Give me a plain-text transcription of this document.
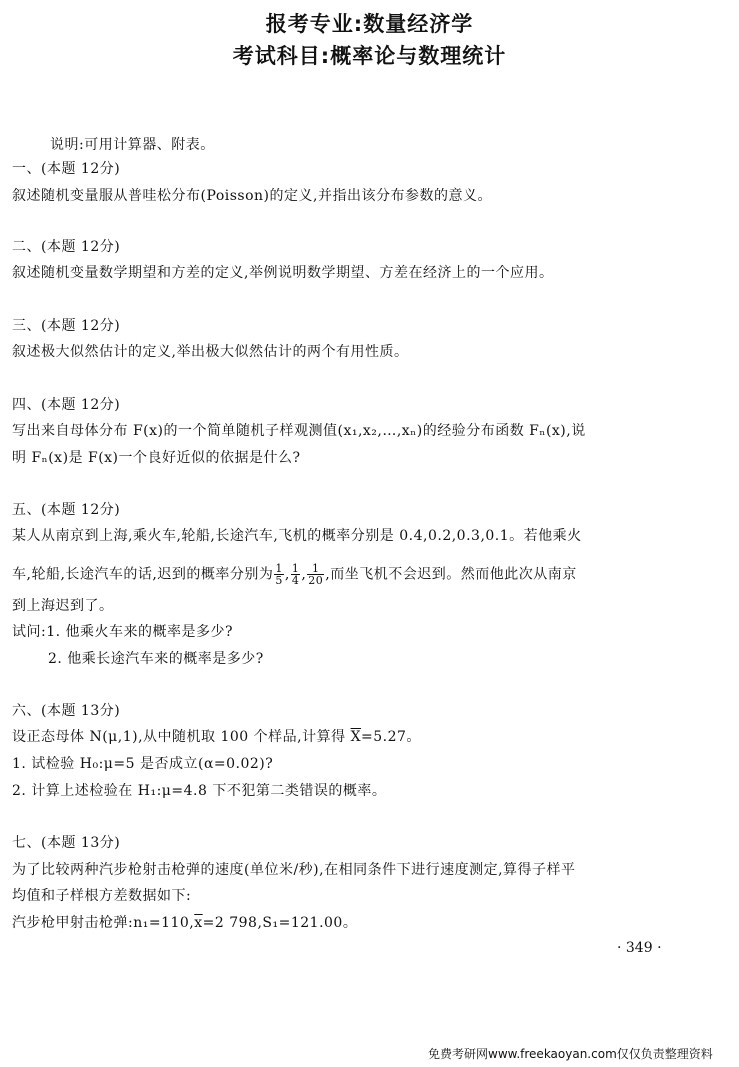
报考专业:数量经济学
考试科目:概率论与数理统计
说明:可用计算器、附表。
一、(本题 12分)
叙述随机变量服从普哇松分布(Poisson)的定义,并指出该分布参数的意义。
二、(本题 12分)
叙述随机变量数学期望和方差的定义,举例说明数学期望、方差在经济上的一个应用。
三、(本题 12分)
叙述极大似然估计的定义,举出极大似然估计的两个有用性质。
四、(本题 12分)
写出来自母体分布 F(x)的一个简单随机子样观测值(x₁,x₂,…,xₙ)的经验分布函数 Fₙ(x),说
明 Fₙ(x)是 F(x)一个良好近似的依据是什么?
五、(本题 12分)
某人从南京到上海,乘火车,轮船,长途汽车,飞机的概率分别是 0.4,0.2,0.3,0.1。若他乘火
车,轮船,长途汽车的话,迟到的概率分别为 $\frac{1}{5}$ , $\frac{1}{4}$ , $\frac{1}{20}$ ,而坐飞机不会迟到。然而他此次从南京
到上海迟到了。
试问:1. 他乘火车来的概率是多少?
2. 他乘长途汽车来的概率是多少?
六、(本题 13分)
设正态母体 N(μ,1),从中随机取 100 个样品,计算得 $\overline{X}=5.27$。
1. 试检验 H₀:μ=5 是否成立(α=0.02)?
2. 计算上述检验在 H₁:μ=4.8 下不犯第二类错误的概率。
七、(本题 13分)
为了比较两种汽步枪射击枪弹的速度(单位米/秒),在相同条件下进行速度测定,算得子样平
均值和子样根方差数据如下:
汽步枪甲射击枪弹$:n_1=110,\overline{x}=2$ 798,S₁=121.00。
· 349 ·
免费考研网www.freekaoyan.com仅仅负责整理资料
